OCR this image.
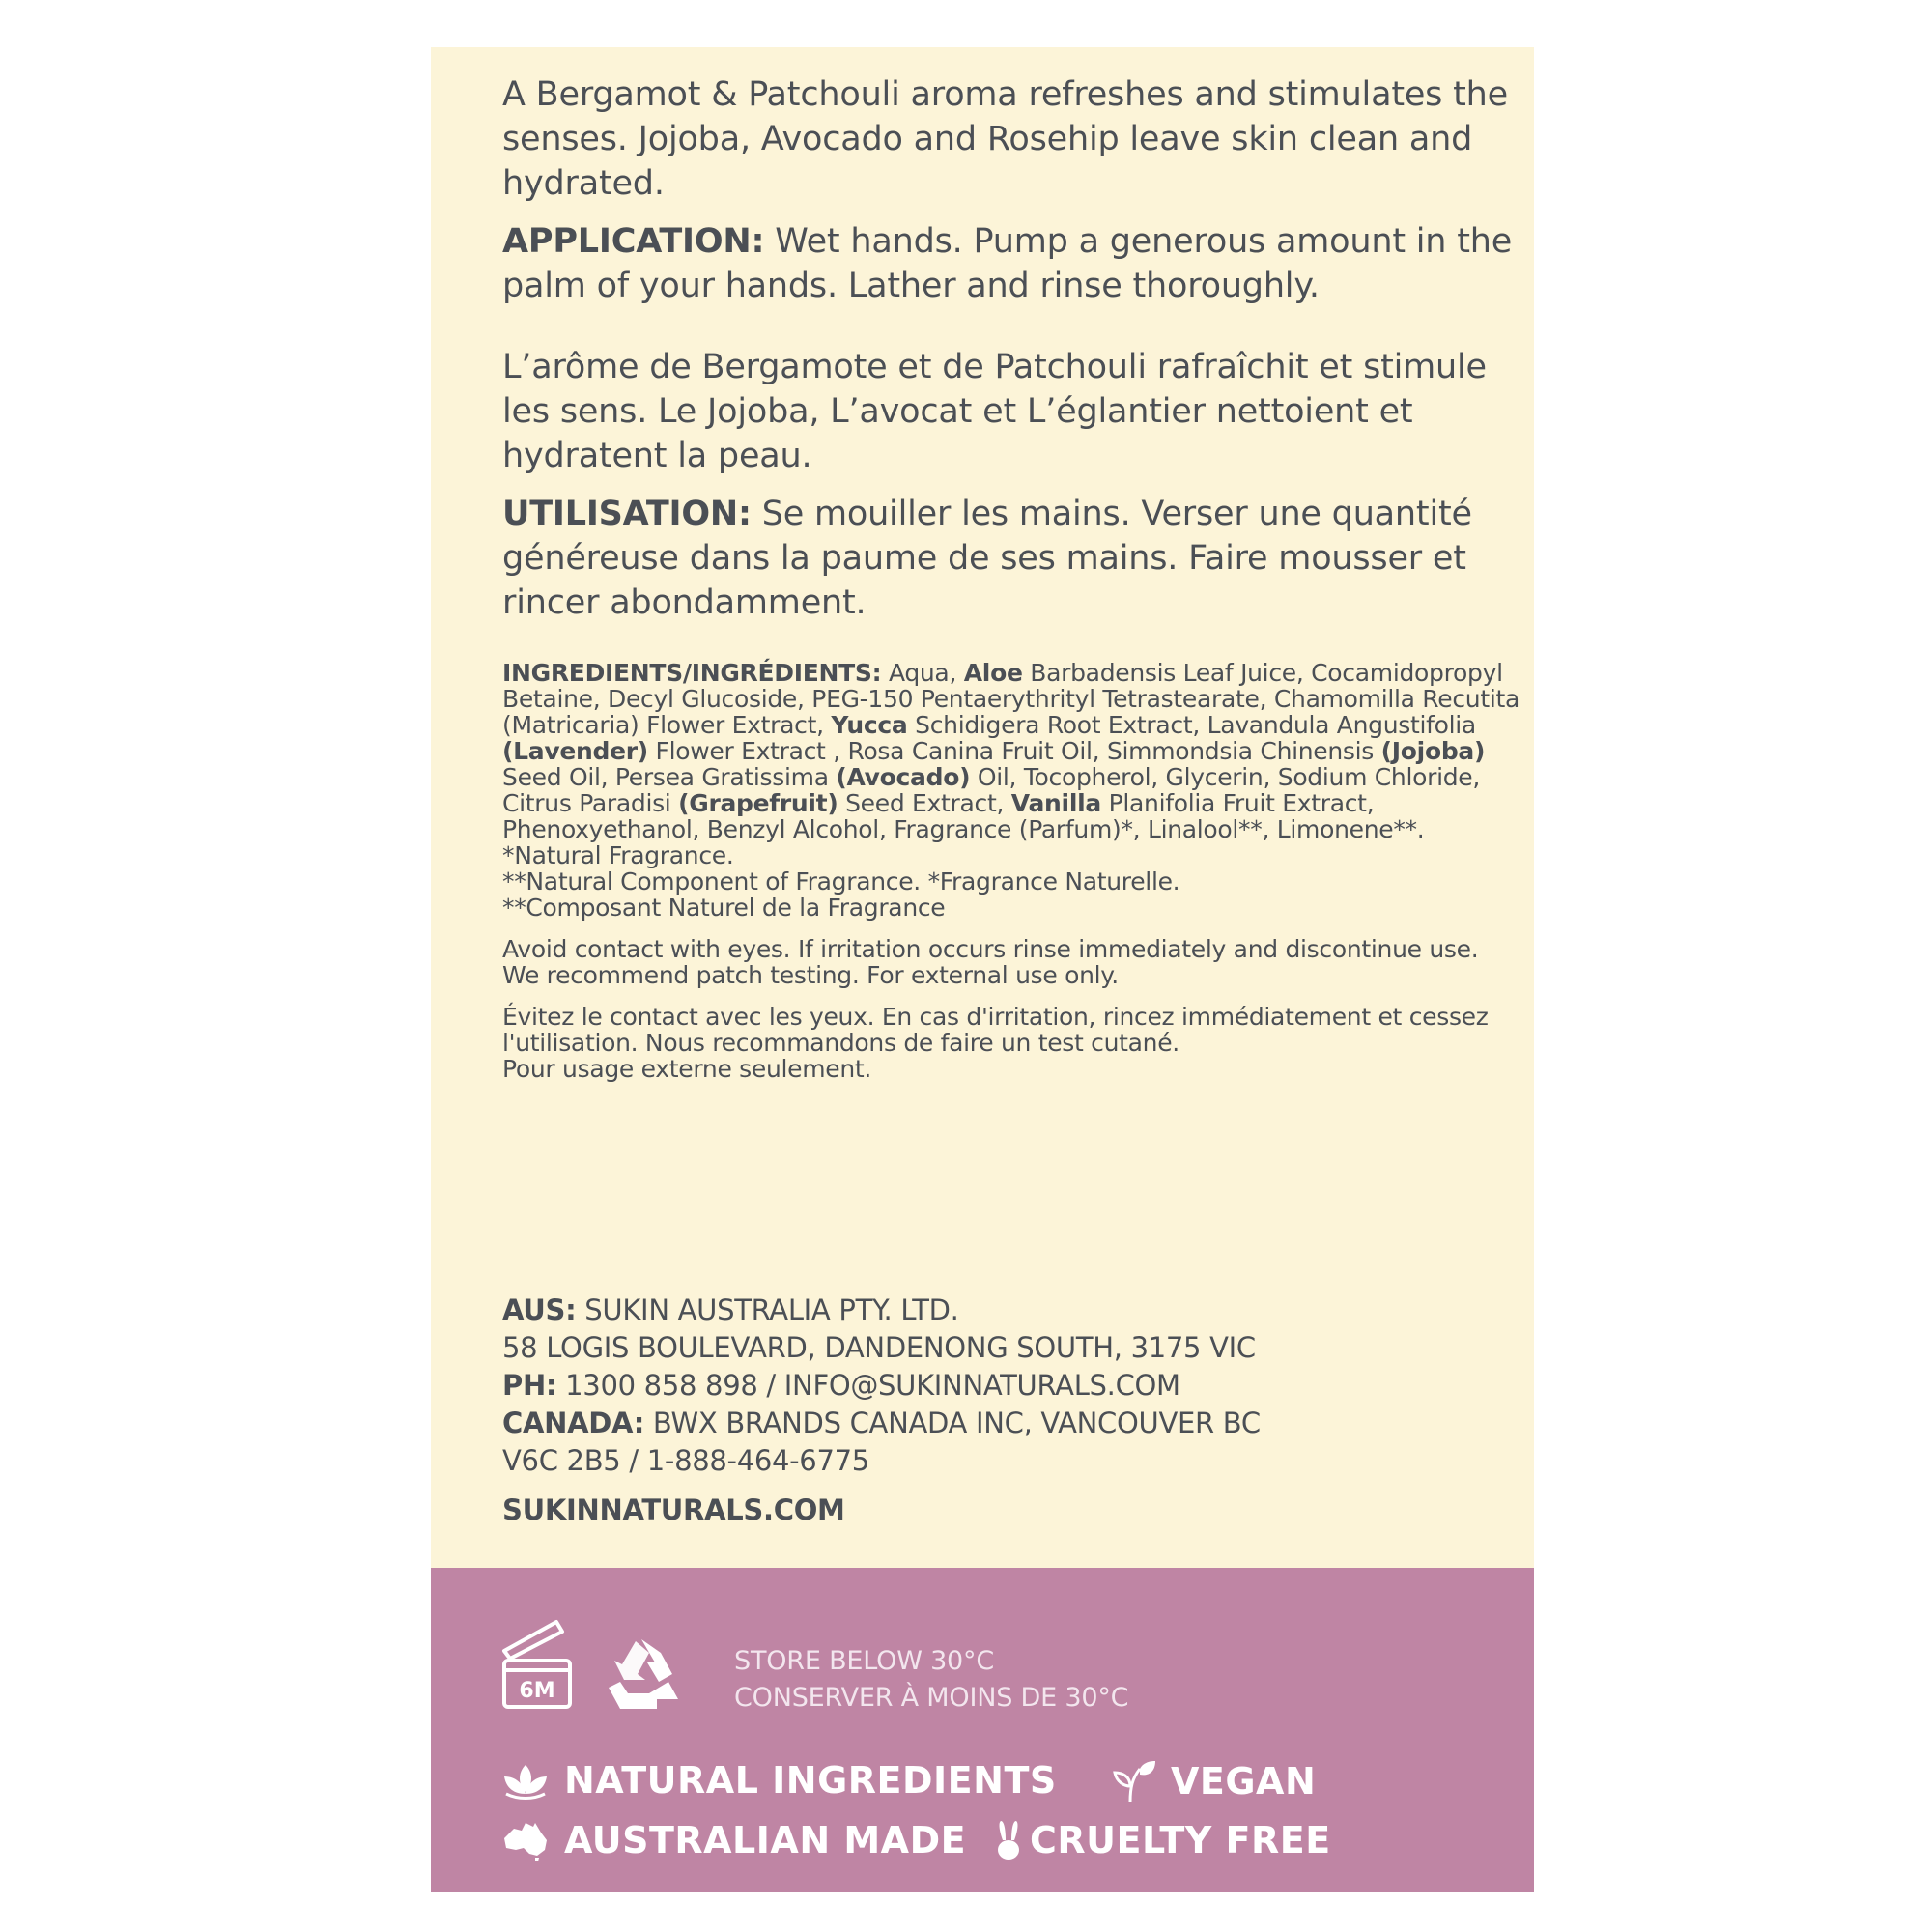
A Bergamot & Patchouli aroma refreshes and stimulates the senses. Jojoba, Avocado and Rosehip leave skin clean and hydrated.

APPLICATION: Wet hands. Pump a generous amount in the palm of your hands. Lather and rinse thoroughly.

L’arôme de Bergamote et de Patchouli rafraîchit et stimule les sens. Le Jojoba, L’avocat et L’églantier nettoient et hydratent la peau.

UTILISATION: Se mouiller les mains. Verser une quantité généreuse dans la paume de ses mains. Faire mousser et rincer abondamment.

INGREDIENTS/INGRÉDIENTS: Aqua, Aloe Barbadensis Leaf Juice, Cocamidopropyl Betaine, Decyl Glucoside, PEG-150 Pentaerythrityl Tetrastearate, Chamomilla Recutita (Matricaria) Flower Extract, Yucca Schidigera Root Extract, Lavandula Angustifolia (Lavender) Flower Extract , Rosa Canina Fruit Oil, Simmondsia Chinensis (Jojoba) Seed Oil, Persea Gratissima (Avocado) Oil, Tocopherol, Glycerin, Sodium Chloride, Citrus Paradisi (Grapefruit) Seed Extract, Vanilla Planifolia Fruit Extract, Phenoxyethanol, Benzyl Alcohol, Fragrance (Parfum)*, Linalool**, Limonene**. *Natural Fragrance.
**Natural Component of Fragrance. *Fragrance Naturelle.
**Composant Naturel de la Fragrance

Avoid contact with eyes. If irritation occurs rinse immediately and discontinue use.
We recommend patch testing. For external use only.

Évitez le contact avec les yeux. En cas d'irritation, rincez immédiatement et cessez
l'utilisation. Nous recommandons de faire un test cutané.
Pour usage externe seulement.

AUS: SUKIN AUSTRALIA PTY. LTD.

58 LOGIS BOULEVARD, DANDENONG SOUTH, 3175 VIC

PH: 1300 858 898 / INFO@SUKINNATURALS.COM

CANADA: BWX BRANDS CANADA INC, VANCOUVER BC

V6C 2B5 / 1-888-464-6775

SUKINNATURALS.COM

6M
STORE BELOW 30°C
CONSERVER À MOINS DE 30°C
NATURAL INGREDIENTS	VEGAN
AUSTRALIAN MADE CRUELTY FREE
